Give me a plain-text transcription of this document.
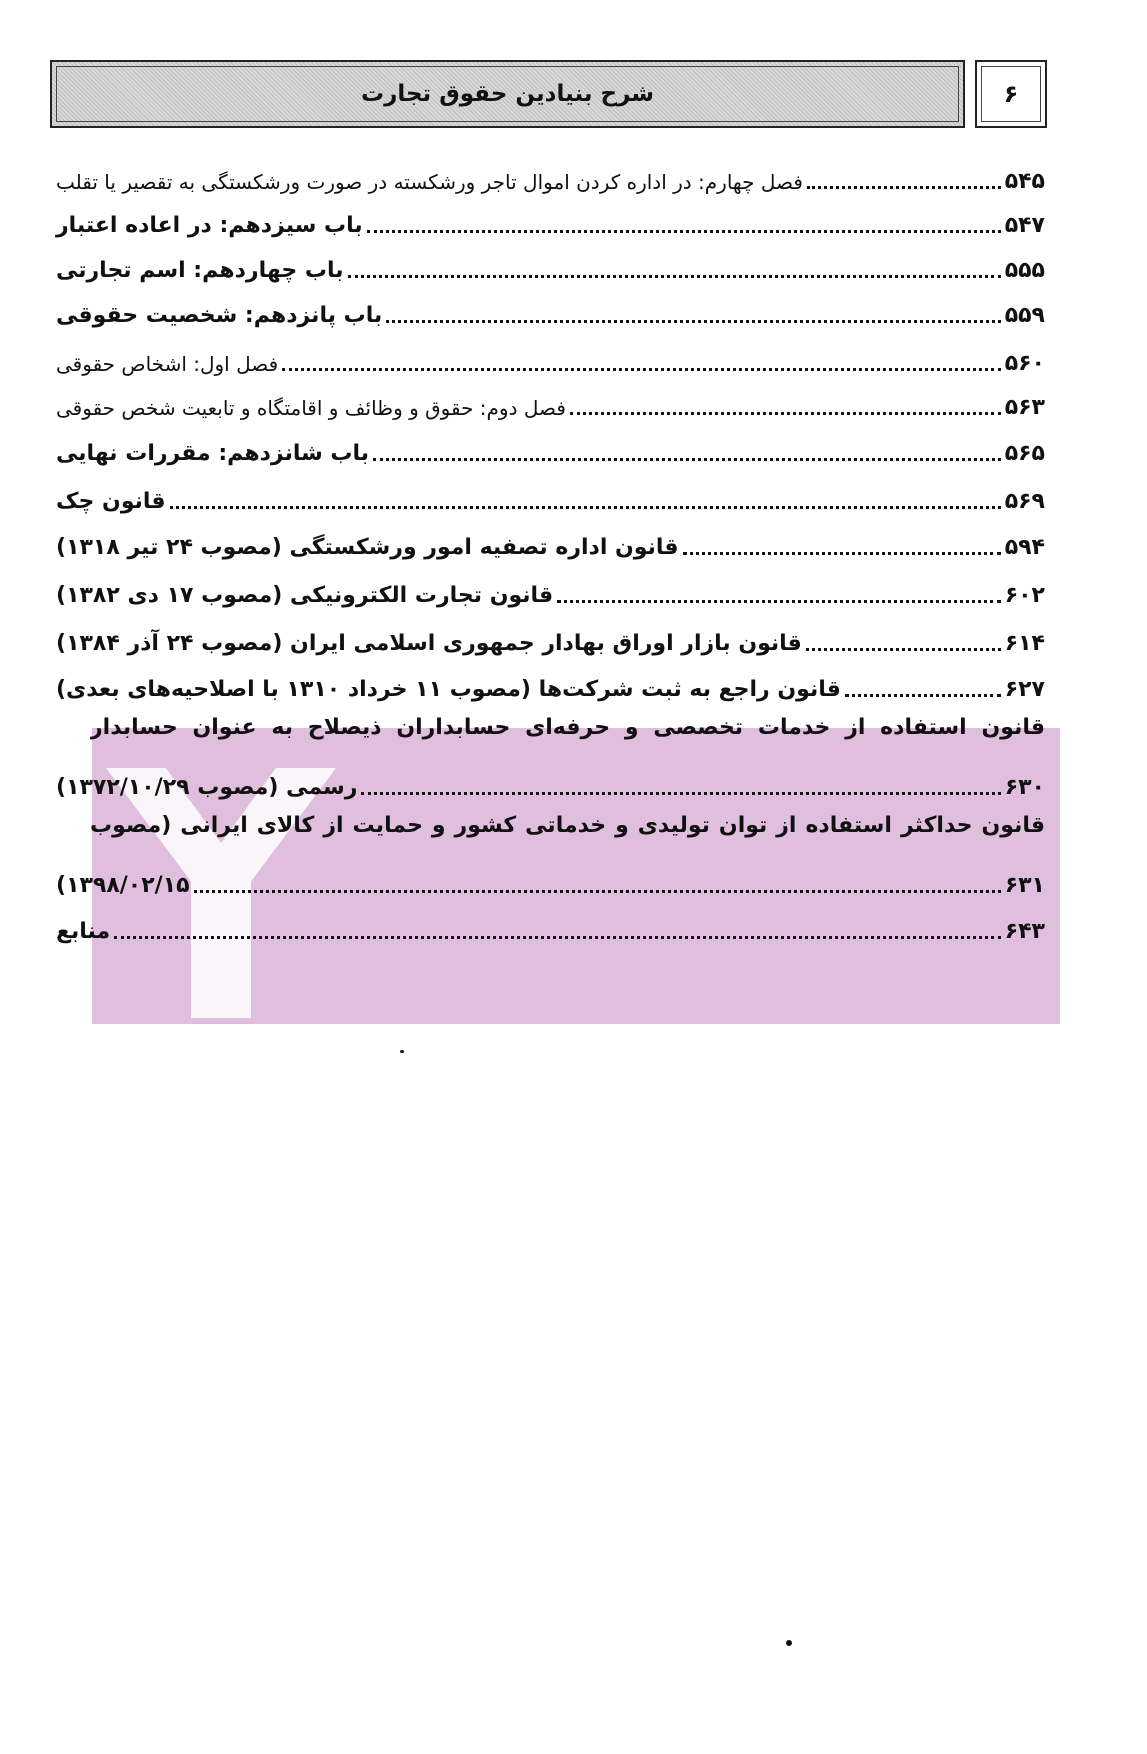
شرح بنیادین حقوق تجارت	۶
فصل چهارم: در اداره کردن اموال تاجر ورشکسته در صورت ورشکستگی به تقصیر یا تقلب	۵۴۵
باب سیزدهم: در اعاده اعتبار	۵۴۷
باب چهاردهم: اسم تجارتی	۵۵۵
باب پانزدهم: شخصیت حقوقی	۵۵۹
فصل اول: اشخاص حقوقی	۵۶۰
فصل دوم: حقوق و وظائف و اقامتگاه و تابعیت شخص حقوقی	۵۶۳
باب شانزدهم: مقررات نهایی	۵۶۵
قانون چک	۵۶۹
قانون اداره تصفیه امور ورشکستگی (مصوب ۲۴ تیر ۱۳۱۸)	۵۹۴
قانون تجارت الکترونیکی (مصوب ۱۷ دی ۱۳۸۲)	۶۰۲
قانون بازار اوراق بهادار جمهوری اسلامی ایران (مصوب ۲۴ آذر ۱۳۸۴)	۶۱۴
قانون راجع به ثبت شرکت‌ها (مصوب ۱۱ خرداد ۱۳۱۰ با اصلاحیه‌های بعدی)	۶۲۷
قانون استفاده از خدمات تخصصی و حرفه‌ای حسابداران ذیصلاح به عنوان حسابدار
رسمی (مصوب ۱۳۷۲/۱۰/۲۹)	۶۳۰
قانون حداکثر استفاده از توان تولیدی و خدماتی کشور و حمایت از کالای ایرانی (مصوب
۱۳۹۸/۰۲/۱۵)	۶۳۱
منابع	۶۴۳
